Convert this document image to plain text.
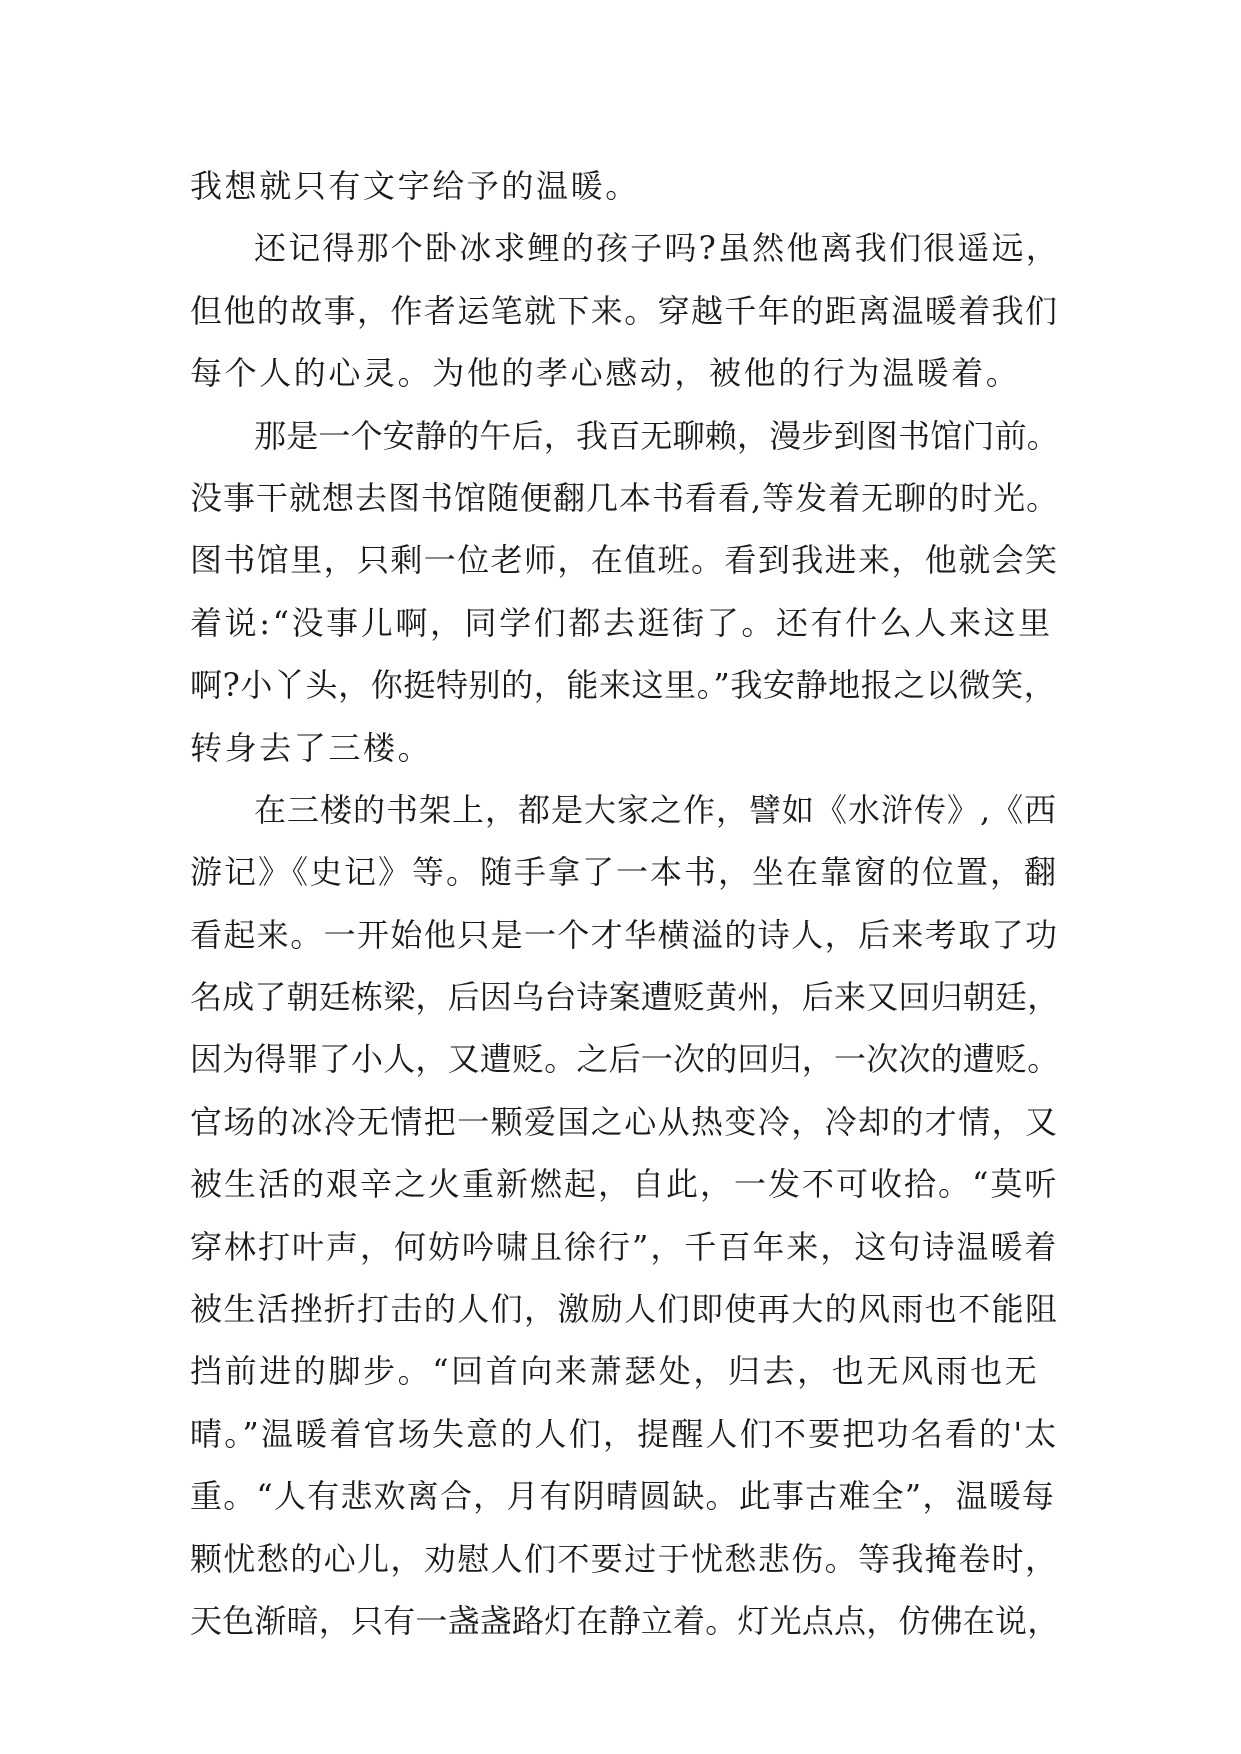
我想就只有文字给予的温暖。
还记得那个卧冰求鲤的孩子吗?虽然他离我们很遥远，
但他的故事，作者运笔就下来。穿越千年的距离温暖着我们
每个人的心灵。为他的孝心感动，被他的行为温暖着。
那是一个安静的午后，我百无聊赖，漫步到图书馆门前。
没事干就想去图书馆随便翻几本书看看,等发着无聊的时光。
图书馆里，只剩一位老师，在值班。看到我进来，他就会笑
着说:“没事儿啊，同学们都去逛街了。还有什么人来这里
啊?小丫头，你挺特别的，能来这里。”我安静地报之以微笑，
转身去了三楼。
在三楼的书架上，都是大家之作，譬如《水浒传》,《西
游记》《史记》等。随手拿了一本书，坐在靠窗的位置，翻
看起来。一开始他只是一个才华横溢的诗人，后来考取了功
名成了朝廷栋梁，后因乌台诗案遭贬黄州，后来又回归朝廷，
因为得罪了小人，又遭贬。之后一次的回归，一次次的遭贬。
官场的冰冷无情把一颗爱国之心从热变冷，冷却的才情，又
被生活的艰辛之火重新燃起，自此，一发不可收拾。“莫听
穿林打叶声，何妨吟啸且徐行”，千百年来，这句诗温暖着
被生活挫折打击的人们，激励人们即使再大的风雨也不能阻
挡前进的脚步。“回首向来萧瑟处，归去，也无风雨也无
晴。”温暖着官场失意的人们，提醒人们不要把功名看的'太
重。“人有悲欢离合，月有阴晴圆缺。此事古难全”，温暖每
颗忧愁的心儿，劝慰人们不要过于忧愁悲伤。等我掩卷时，
天色渐暗，只有一盏盏路灯在静立着。灯光点点，仿佛在说，
